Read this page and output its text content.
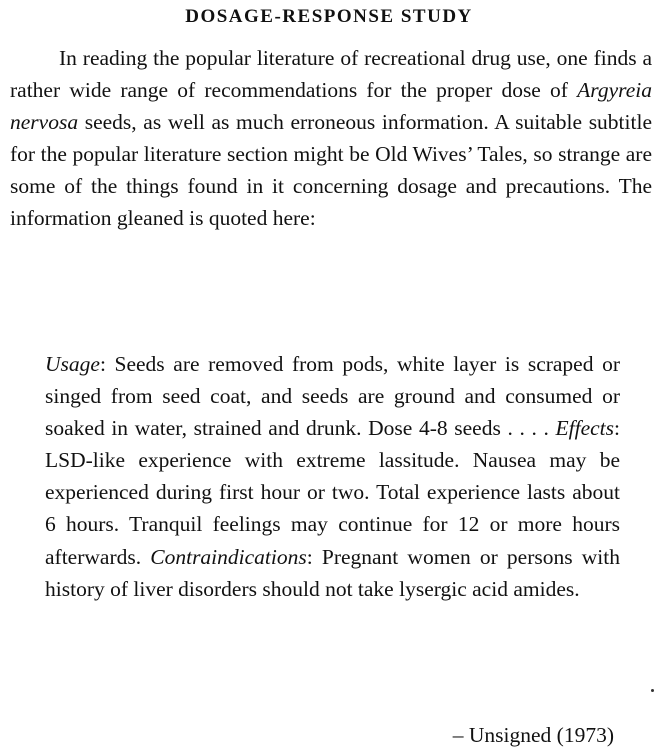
DOSAGE-RESPONSE STUDY

In reading the popular literature of recreational drug use, one finds a rather wide range of recommendations for the proper dose of Argyreia nervosa seeds, as well as much erroneous information. A suitable subtitle for the popular literature section might be Old Wives’ Tales, so strange are some of the things found in it concerning dosage and precautions. The information gleaned is quoted here:

Usage: Seeds are removed from pods, white layer is scraped or singed from seed coat, and seeds are ground and consumed or soaked in water, strained and drunk. Dose 4-8 seeds . . . . Effects: LSD-like experience with extreme lassitude. Nausea may be experienced during first hour or two. Total experience lasts about 6 hours. Tranquil feelings may continue for 12 or more hours afterwards. Contraindications: Pregnant women or persons with history of liver disorders should not take lysergic acid amides.

– Unsigned (1973)
